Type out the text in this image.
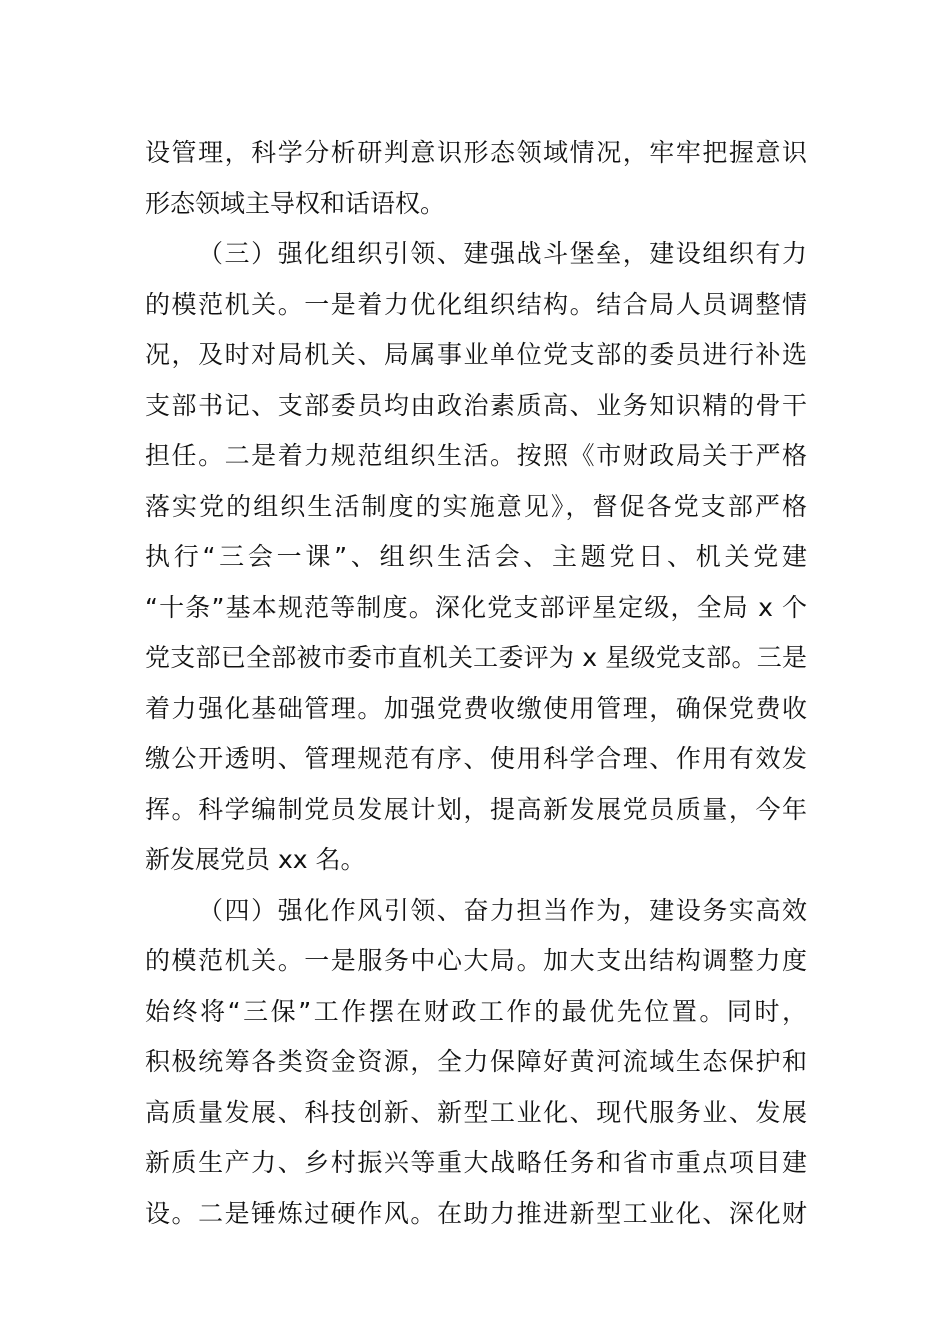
设管理，科学分析研判意识形态领域情况，牢牢把握意识
形态领域主导权和话语权。
（三）强化组织引领、建强战斗堡垒，建设组织有力
的模范机关。一是着力优化组织结构。结合局人员调整情
况，及时对局机关、局属事业单位党支部的委员进行补选
支部书记、支部委员均由政治素质高、业务知识精的骨干
担任。二是着力规范组织生活。按照《市财政局关于严格
落实党的组织生活制度的实施意见》，督促各党支部严格
执行“三会一课”、组织生活会、主题党日、机关党建
“十条”基本规范等制度。深化党支部评星定级，全局 x 个
党支部已全部被市委市直机关工委评为 x 星级党支部。三是
着力强化基础管理。加强党费收缴使用管理，确保党费收
缴公开透明、管理规范有序、使用科学合理、作用有效发
挥。科学编制党员发展计划，提高新发展党员质量，今年
新发展党员 xx 名。
（四）强化作风引领、奋力担当作为，建设务实高效
的模范机关。一是服务中心大局。加大支出结构调整力度
始终将“三保”工作摆在财政工作的最优先位置。同时，
积极统筹各类资金资源，全力保障好黄河流域生态保护和
高质量发展、科技创新、新型工业化、现代服务业、发展
新质生产力、乡村振兴等重大战略任务和省市重点项目建
设。二是锤炼过硬作风。在助力推进新型工业化、深化财
